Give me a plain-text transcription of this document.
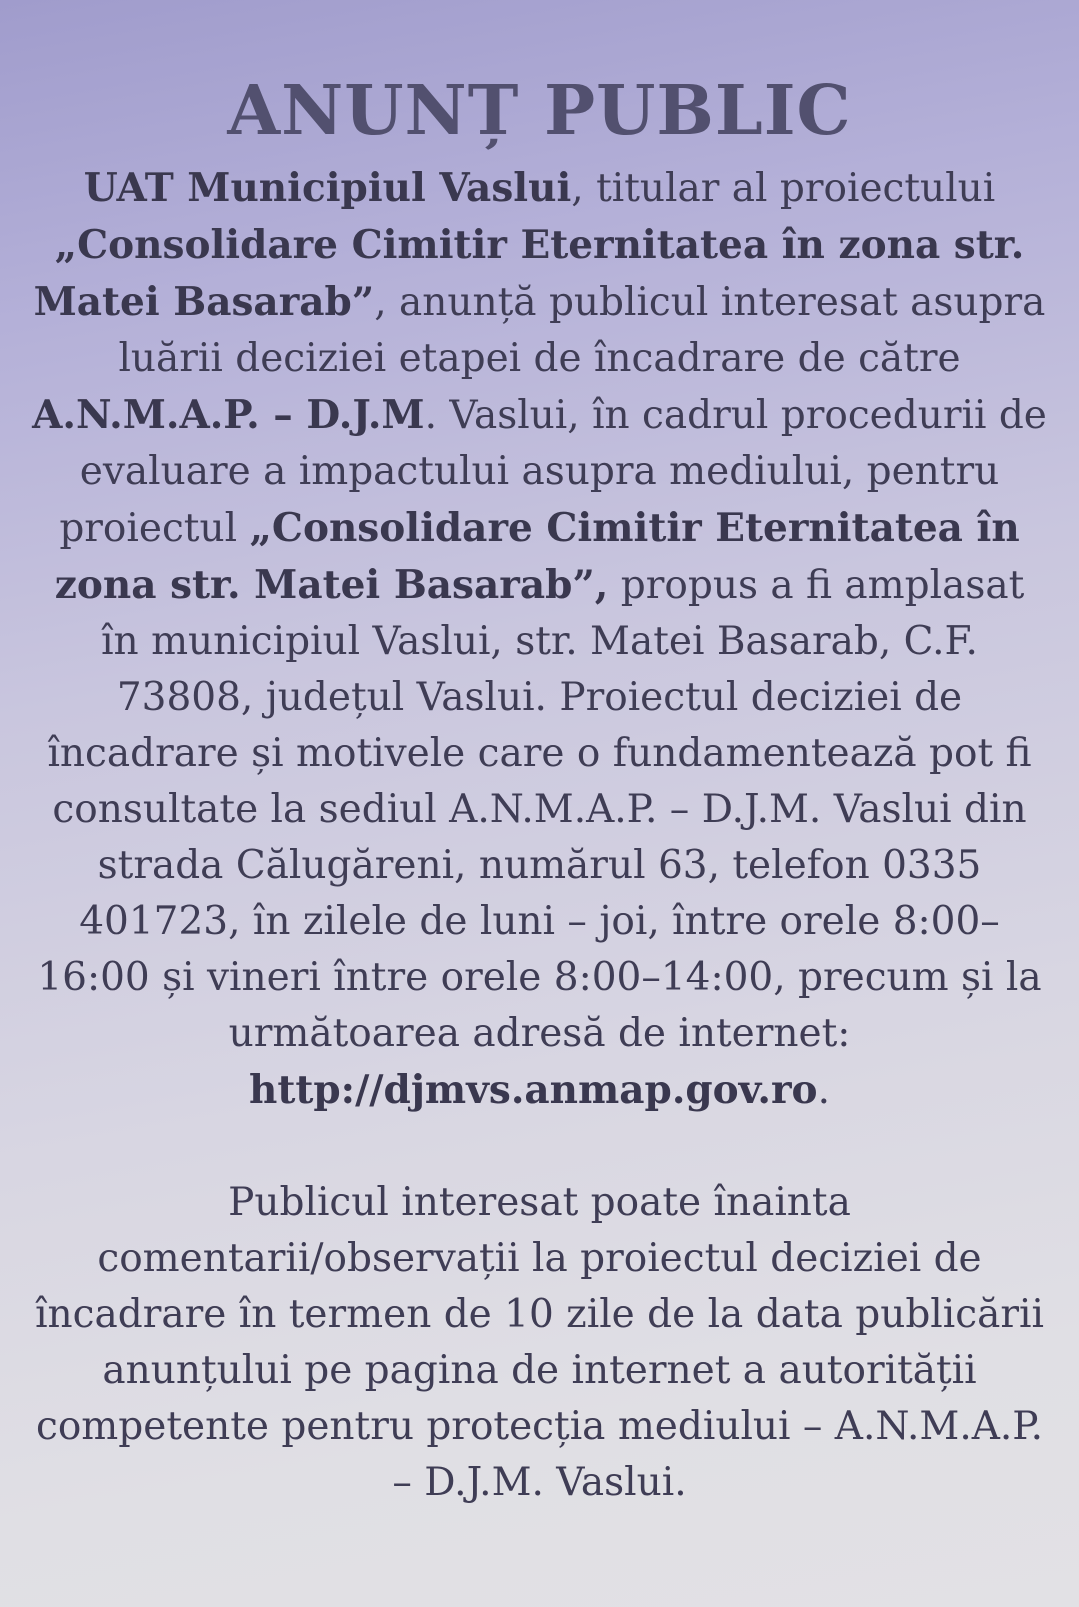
ANUNȚ PUBLIC

UAT Municipiul Vaslui, titular al proiectului „Consolidare Cimitir Eternitatea în zona str. Matei Basarab”, anunță publicul interesat asupra luării deciziei etapei de încadrare de către A.N.M.A.P. – D.J.M. Vaslui, în cadrul procedurii de evaluare a impactului asupra mediului, pentru proiectul „Consolidare Cimitir Eternitatea în zona str. Matei Basarab”, propus a fi amplasat în municipiul Vaslui, str. Matei Basarab, C.F. 73808, județul Vaslui. Proiectul deciziei de încadrare și motivele care o fundamentează pot fi consultate la sediul A.N.M.A.P. – D.J.M. Vaslui din strada Călugăreni, numărul 63, telefon 0335 401723, în zilele de luni – joi, între orele 8:00–16:00 și vineri între orele 8:00–14:00, precum și la următoarea adresă de internet: http://djmvs.anmap.gov.ro.

Publicul interesat poate înainta comentarii/observații la proiectul deciziei de încadrare în termen de 10 zile de la data publicării anunțului pe pagina de internet a autorității competente pentru protecția mediului – A.N.M.A.P. – D.J.M. Vaslui.
